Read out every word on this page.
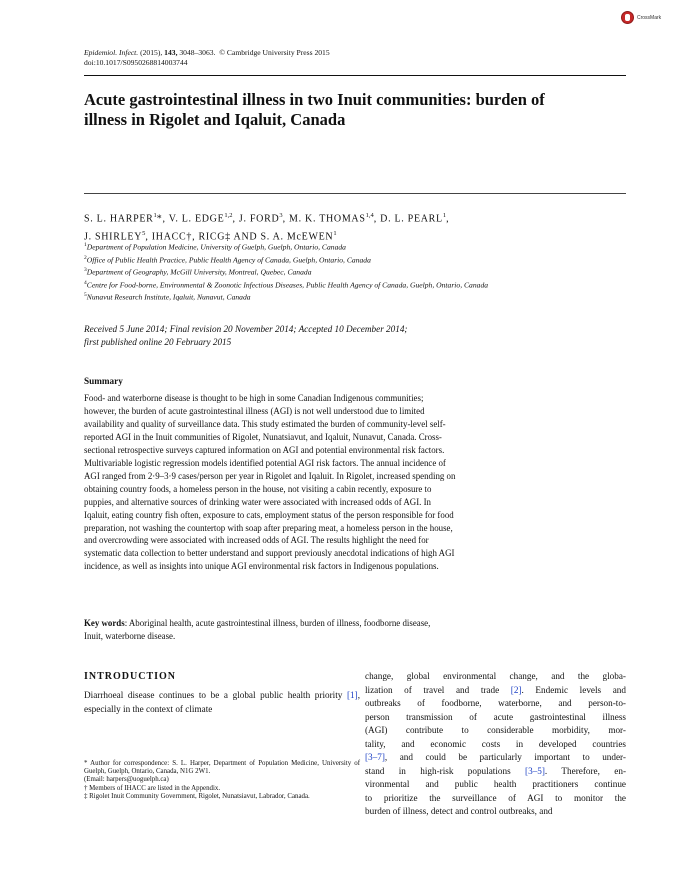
CrossMark
Epidemiol. Infect. (2015), 143, 3048–3063. © Cambridge University Press 2015
doi:10.1017/S0950268814003744
Acute gastrointestinal illness in two Inuit communities: burden of illness in Rigolet and Iqaluit, Canada
S. L. HARPER$^1$*, V. L. EDGE$^{1,2}$, J. FORD$^3$, M. K. THOMAS$^{1,4}$, D. L. PEARL$^1$,
J. SHIRLEY$^5$, IHACC†, RICG‡ AND S. A. McEWEN$^1$
$^1$Department of Population Medicine, University of Guelph, Guelph, Ontario, Canada
$^2$Office of Public Health Practice, Public Health Agency of Canada, Guelph, Ontario, Canada
$^3$Department of Geography, McGill University, Montreal, Quebec, Canada
$^4$Centre for Food-borne, Environmental & Zoonotic Infectious Diseases, Public Health Agency of Canada, Guelph, Ontario, Canada
$^5$Nunavut Research Institute, Iqaluit, Nunavut, Canada
Received 5 June 2014; Final revision 20 November 2014; Accepted 10 December 2014;
first published online 20 February 2015
Summary
Food- and waterborne disease is thought to be high in some Canadian Indigenous communities;
however, the burden of acute gastrointestinal illness (AGI) is not well understood due to limited
availability and quality of surveillance data. This study estimated the burden of community-level self-
reported AGI in the Inuit communities of Rigolet, Nunatsiavut, and Iqaluit, Nunavut, Canada. Cross-
sectional retrospective surveys captured information on AGI and potential environmental risk factors.
Multivariable logistic regression models identified potential AGI risk factors. The annual incidence of
AGI ranged from 2·9–3·9 cases/person per year in Rigolet and Iqaluit. In Rigolet, increased spending on
obtaining country foods, a homeless person in the house, not visiting a cabin recently, exposure to
puppies, and alternative sources of drinking water were associated with increased odds of AGI. In
Iqaluit, eating country fish often, exposure to cats, employment status of the person responsible for food
preparation, not washing the countertop with soap after preparing meat, a homeless person in the house,
and overcrowding were associated with increased odds of AGI. The results highlight the need for
systematic data collection to better understand and support previously anecdotal indications of high AGI
incidence, as well as insights into unique AGI environmental risk factors in Indigenous populations.
Key words: Aboriginal health, acute gastrointestinal illness, burden of illness, foodborne disease,
Inuit, waterborne disease.
INTRODUCTION

Diarrhoeal disease continues to be a global public health priority [1], especially in the context of climate

* Author for correspondence: S. L. Harper, Department of Population Medicine, University of Guelph, Guelph, Ontario, Canada, N1G 2W1.

(Email: harpers@uoguelph.ca)

† Members of IHACC are listed in the Appendix.

‡ Rigolet Inuit Community Government, Rigolet, Nunatsiavut, Labrador, Canada.

change, global environmental change, and the globa-
lization of travel and trade [2]. Endemic levels and
outbreaks of foodborne, waterborne, and person-to-
person transmission of acute gastrointestinal illness
(AGI) contribute to considerable morbidity, mor-
tality, and economic costs in developed countries
[3–7], and could be particularly important to under-
stand in high-risk populations [3–5]. Therefore, en-
vironmental and public health practitioners continue
to prioritize the surveillance of AGI to monitor the
burden of illness, detect and control outbreaks, and
